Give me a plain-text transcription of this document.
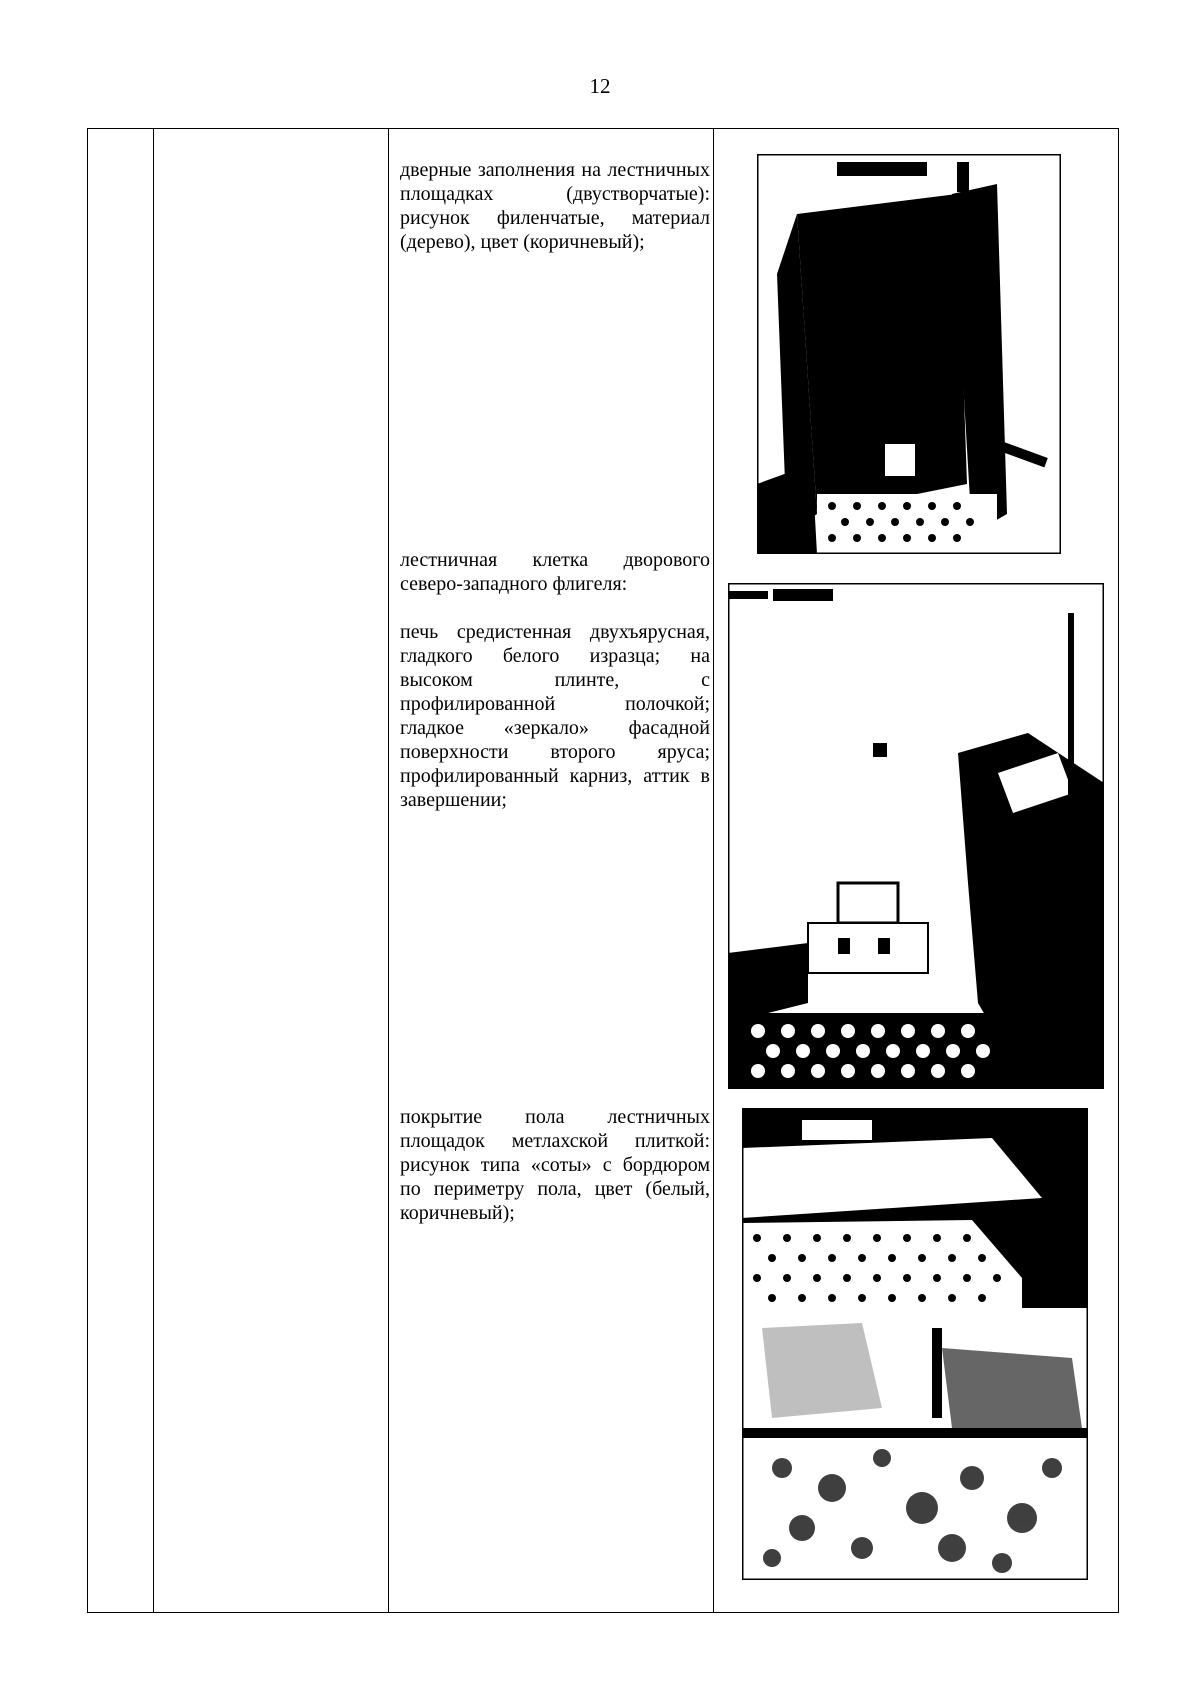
12

дверные заполнения на лестничных площадках (двустворчатые): рисунок филенчатые, материал (дерево), цвет (коричневый);

лестничная клетка дворового северо-западного флигеля:

печь средистенная двухъярусная, гладкого белого изразца; на высоком плинте, с профилированной полочкой; гладкое «зеркало» фасадной поверхности второго яруса; профилированный карниз, аттик в завершении;

покрытие пола лестничных площадок метлахской плиткой: рисунок типа «соты» с бордюром по периметру пола, цвет (белый, коричневый);
